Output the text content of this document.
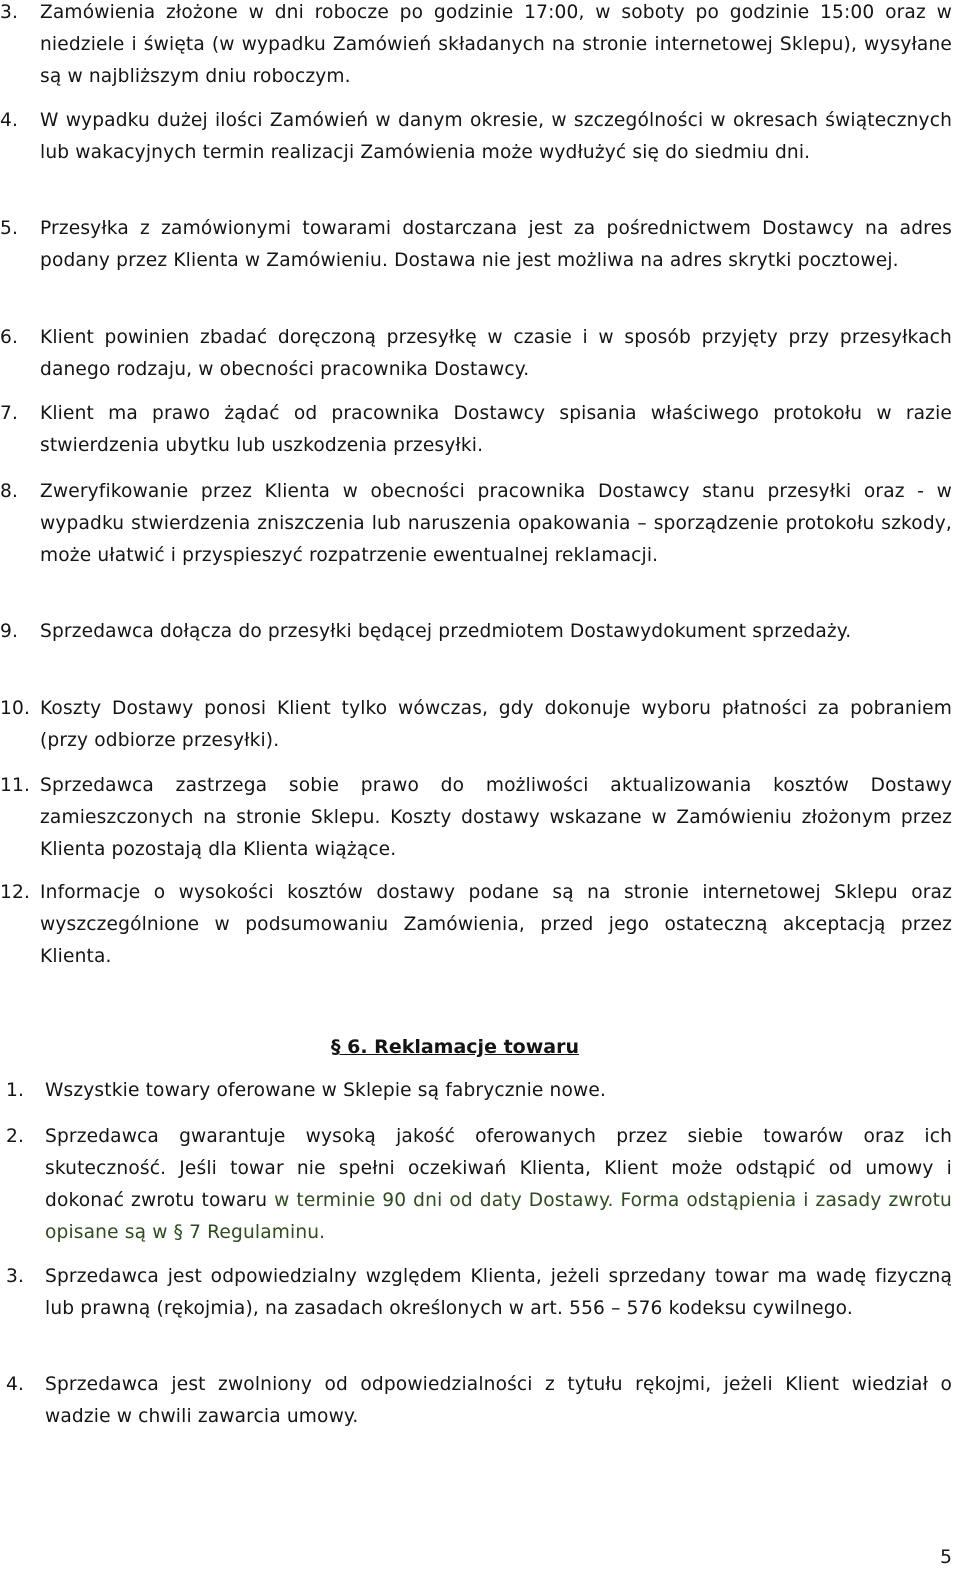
3. Zamówienia złożone w dni robocze po godzinie 17:00, w soboty po godzinie 15:00 oraz w niedziele i święta (w wypadku Zamówień składanych na stronie internetowej Sklepu), wysyłane są w najbliższym dniu roboczym.
4. W wypadku dużej ilości Zamówień w danym okresie, w szczególności w okresach świątecznych lub wakacyjnych termin realizacji Zamówienia może wydłużyć się do siedmiu dni.
5. Przesyłka z zamówionymi towarami dostarczana jest za pośrednictwem Dostawcy na adres podany przez Klienta w Zamówieniu. Dostawa nie jest możliwa na adres skrytki pocztowej.
6. Klient powinien zbadać doręczoną przesyłkę w czasie i w sposób przyjęty przy przesyłkach danego rodzaju, w obecności pracownika Dostawcy.
7. Klient ma prawo żądać od pracownika Dostawcy spisania właściwego protokołu w razie stwierdzenia ubytku lub uszkodzenia przesyłki.
8. Zweryfikowanie przez Klienta w obecności pracownika Dostawcy stanu przesyłki oraz - w wypadku stwierdzenia zniszczenia lub naruszenia opakowania – sporządzenie protokołu szkody, może ułatwić i przyspieszyć rozpatrzenie ewentualnej reklamacji.
9. Sprzedawca dołącza do przesyłki będącej przedmiotem Dostawydokument sprzedaży.
10. Koszty Dostawy ponosi Klient tylko wówczas, gdy dokonuje wyboru płatności za pobraniem (przy odbiorze przesyłki).
11. Sprzedawca zastrzega sobie prawo do możliwości aktualizowania kosztów Dostawy zamieszczonych na stronie Sklepu. Koszty dostawy wskazane w Zamówieniu złożonym przez Klienta pozostają dla Klienta wiążące.
12. Informacje o wysokości kosztów dostawy podane są na stronie internetowej Sklepu oraz wyszczególnione w podsumowaniu Zamówienia, przed jego ostateczną akceptacją przez Klienta.
§ 6. Reklamacje towaru
1. Wszystkie towary oferowane w Sklepie są fabrycznie nowe.
2. Sprzedawca gwarantuje wysoką jakość oferowanych przez siebie towarów oraz ich skuteczność. Jeśli towar nie spełni oczekiwań Klienta, Klient może odstąpić od umowy i dokonać zwrotu towaru w terminie 90 dni od daty Dostawy. Forma odstąpienia i zasady zwrotu opisane są w § 7 Regulaminu.
3. Sprzedawca jest odpowiedzialny względem Klienta, jeżeli sprzedany towar ma wadę fizyczną lub prawną (rękojmia), na zasadach określonych w art. 556 – 576 kodeksu cywilnego.
4. Sprzedawca jest zwolniony od odpowiedzialności z tytułu rękojmi, jeżeli Klient wiedział o wadzie w chwili zawarcia umowy.
5
